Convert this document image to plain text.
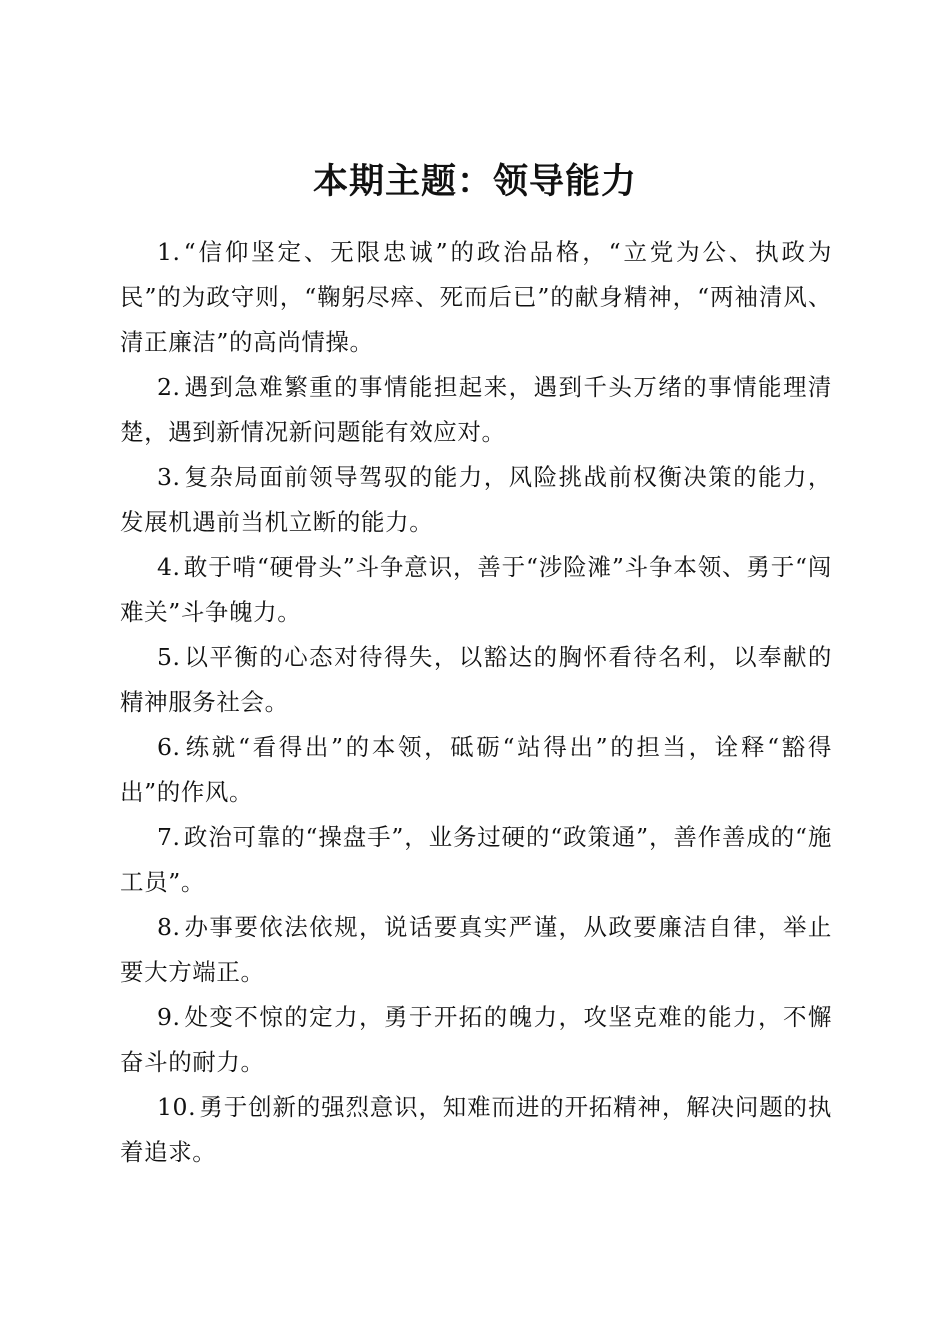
本期主题：领导能力

1. “信仰坚定、无限忠诚”的政治品格，“立党为公、执政为民”的为政守则，“鞠躬尽瘁、死而后已”的献身精神，“两袖清风、清正廉洁”的高尚情操。

2. 遇到急难繁重的事情能担起来，遇到千头万绪的事情能理清楚，遇到新情况新问题能有效应对。

3. 复杂局面前领导驾驭的能力，风险挑战前权衡决策的能力，发展机遇前当机立断的能力。

4. 敢于啃“硬骨头”斗争意识，善于“涉险滩”斗争本领、勇于“闯难关”斗争魄力。

5. 以平衡的心态对待得失，以豁达的胸怀看待名利，以奉献的精神服务社会。

6. 练就“看得出”的本领，砥砺“站得出”的担当，诠释“豁得出”的作风。

7. 政治可靠的“操盘手”，业务过硬的“政策通”，善作善成的“施工员”。

8. 办事要依法依规，说话要真实严谨，从政要廉洁自律，举止要大方端正。

9. 处变不惊的定力，勇于开拓的魄力，攻坚克难的能力，不懈奋斗的耐力。

10. 勇于创新的强烈意识，知难而进的开拓精神，解决问题的执着追求。
